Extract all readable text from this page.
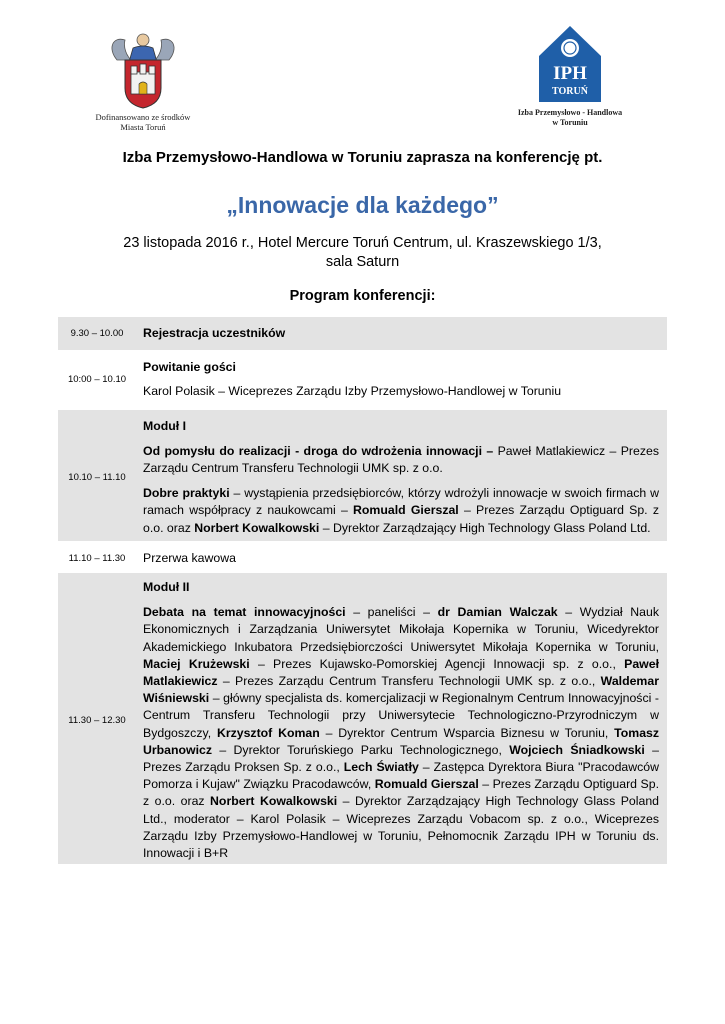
Dofinansowano ze środków
Miasta Toruń
IPH
TORUŃ
Izba Przemysłowo - Handlowa
w Toruniu
Izba Przemysłowo-Handlowa w Toruniu zaprasza na konferencję pt.
„Innowacje dla każdego”
23 listopada 2016 r., Hotel Mercure Toruń Centrum, ul. Kraszewskiego 1/3,
sala Saturn
Program konferencji:
9.30 – 10.00	Rejestracja uczestników

10:00 – 10.10

Powitanie gości

Karol Polasik – Wiceprezes Zarządu Izby Przemysłowo-Handlowej w Toruniu

10.10 – 11.10

Moduł I

Od pomysłu do realizacji - droga do wdrożenia innowacji – Paweł Matlakiewicz – Prezes Zarządu Centrum Transferu Technologii UMK sp. z o.o.

Dobre praktyki – wystąpienia przedsiębiorców, którzy wdrożyli innowacje w swoich firmach w ramach współpracy z naukowcami – Romuald Gierszal – Prezes Zarządu Optiguard Sp. z o.o. oraz Norbert Kowalkowski – Dyrektor Zarządzający High Technology Glass Poland Ltd.

11.10 – 11.30	Przerwa kawowa

11.30 – 12.30

Moduł II

Debata na temat innowacyjności – paneliści – dr Damian Walczak – Wydział Nauk Ekonomicznych i Zarządzania Uniwersytet Mikołaja Kopernika w Toruniu, Wicedyrektor Akademickiego Inkubatora Przedsiębiorczości Uniwersytet Mikołaja Kopernika w Toruniu, Maciej Krużewski – Prezes Kujawsko-Pomorskiej Agencji Innowacji sp. z o.o., Paweł Matlakiewicz – Prezes Zarządu Centrum Transferu Technologii UMK sp. z o.o., Waldemar Wiśniewski – główny specjalista ds. komercjalizacji w Regionalnym Centrum Innowacyjności - Centrum Transferu Technologii przy Uniwersytecie Technologiczno-Przyrodniczym w Bydgoszczy, Krzysztof Koman – Dyrektor Centrum Wsparcia Biznesu w Toruniu, Tomasz Urbanowicz – Dyrektor Toruńskiego Parku Technologicznego, Wojciech Śniadkowski – Prezes Zarządu Proksen Sp. z o.o., Lech Światły – Zastępca Dyrektora Biura "Pracodawców Pomorza i Kujaw" Związku Pracodawców, Romuald Gierszal – Prezes Zarządu Optiguard Sp. z o.o. oraz Norbert Kowalkowski – Dyrektor Zarządzający High Technology Glass Poland Ltd., moderator – Karol Polasik – Wiceprezes Zarządu Vobacom sp. z o.o., Wiceprezes Zarządu Izby Przemysłowo-Handlowej w Toruniu, Pełnomocnik Zarządu IPH w Toruniu ds. Innowacji i B+R
